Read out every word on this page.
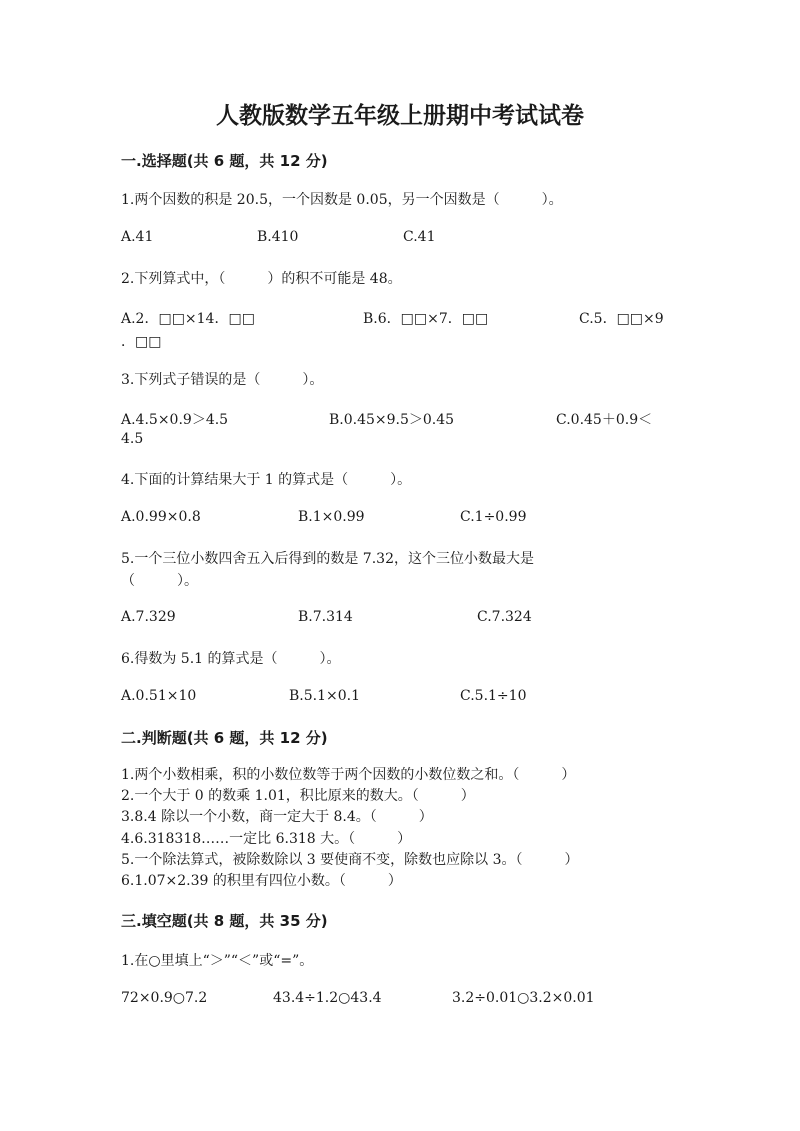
人教版数学五年级上册期中考试试卷
一.选择题(共 6 题，共 12 分)
1.两个因数的积是 20.5，一个因数是 0.05，另一个因数是（　　　）。
A.41	B.410	C.41
2.下列算式中，（　　　）的积不可能是 48。
A.2．□□×14．□□	B.6．□□×7．□□	C.5．□□×9
．□□
3.下列式子错误的是（　　　）。
A.4.5×0.9＞4.5	B.0.45×9.5＞0.45	C.0.45＋0.9＜
4.5
4.下面的计算结果大于 1 的算式是（　　　）。
A.0.99×0.8	B.1×0.99	C.1÷0.99
5.一个三位小数四舍五入后得到的数是 7.32，这个三位小数最大是
（　　　）。
A.7.329	B.7.314	C.7.324
6.得数为 5.1 的算式是（　　　）。
A.0.51×10	B.5.1×0.1	C.5.1÷10
二.判断题(共 6 题，共 12 分)
1.两个小数相乘，积的小数位数等于两个因数的小数位数之和。（　　　）
2.一个大于 0 的数乘 1.01，积比原来的数大。（　　　）
3.8.4 除以一个小数，商一定大于 8.4。（　　　）
4.6.318318……一定比 6.318 大。（　　　）
5.一个除法算式，被除数除以 3 要使商不变，除数也应除以 3。（　　　）
6.1.07×2.39 的积里有四位小数。（　　　）
三.填空题(共 8 题，共 35 分)
1.在○里填上“＞”“＜”或“=”。
72×0.9○7.2	43.4÷1.2○43.4	3.2÷0.01○3.2×0.01
